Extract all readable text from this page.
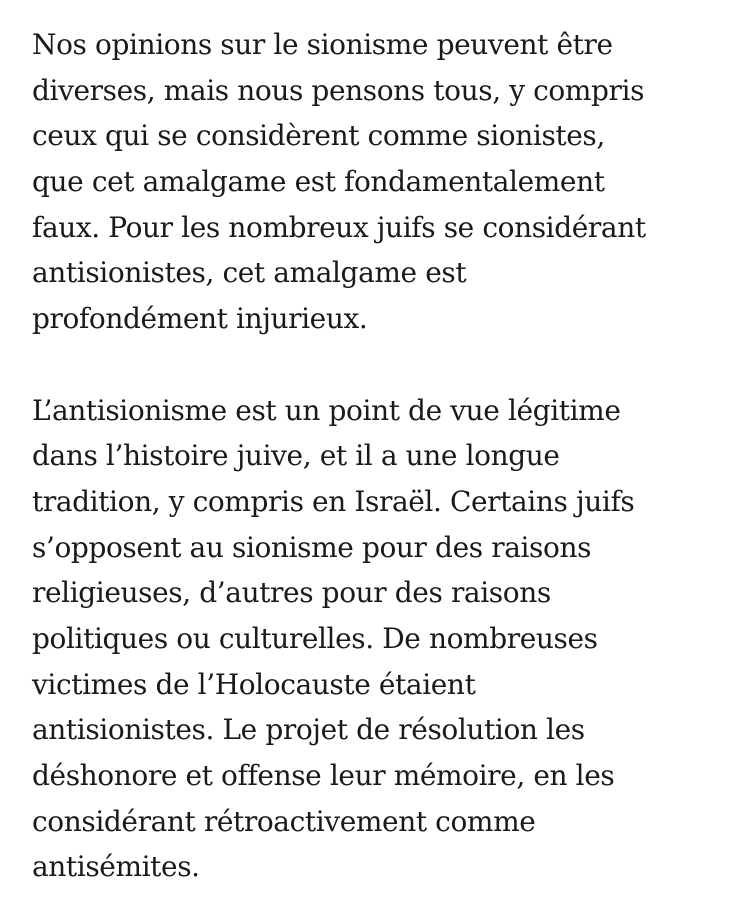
Nos opinions sur le sionisme peuvent être
diverses, mais nous pensons tous, y compris
ceux qui se considèrent comme sionistes,
que cet amalgame est fondamentalement
faux. Pour les nombreux juifs se considérant
antisionistes, cet amalgame est
profondément injurieux.
L’antisionisme est un point de vue légitime
dans l’histoire juive, et il a une longue
tradition, y compris en Israël. Certains juifs
s’opposent au sionisme pour des raisons
religieuses, d’autres pour des raisons
politiques ou culturelles. De nombreuses
victimes de l’Holocauste étaient
antisionistes. Le projet de résolution les
déshonore et offense leur mémoire, en les
considérant rétroactivement comme
antisémites.
